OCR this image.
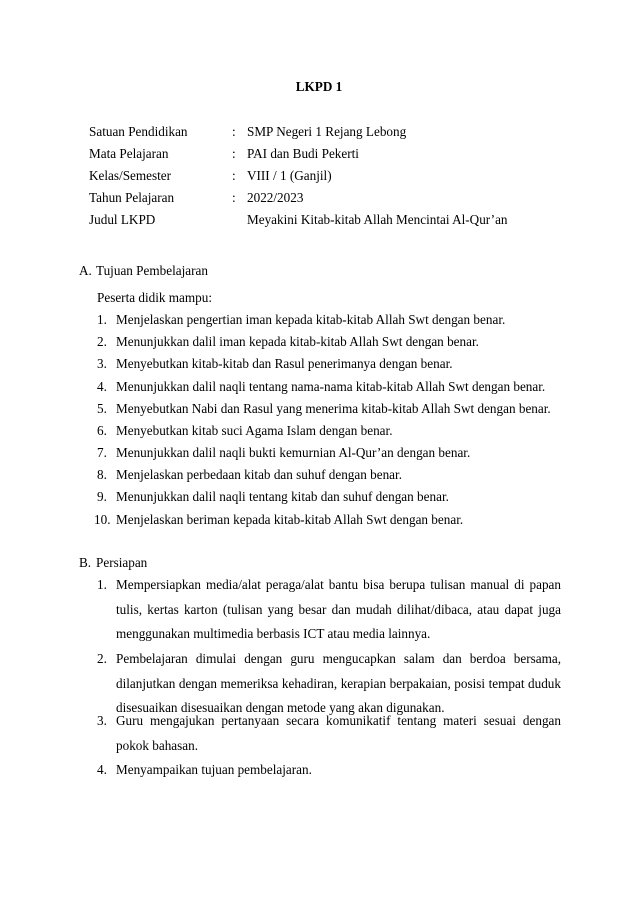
LKPD 1
Satuan Pendidikan	: SMP Negeri 1 Rejang Lebong
Mata Pelajaran	: PAI dan Budi Pekerti
Kelas/Semester	: VIII / 1 (Ganjil)
Tahun Pelajaran	: 2022/2023
Judul LKPD	Meyakini Kitab-kitab Allah Mencintai Al-Qur’an
A. Tujuan Pembelajaran
Peserta didik mampu:
1. Menjelaskan pengertian iman kepada kitab-kitab Allah Swt dengan benar.
2. Menunjukkan dalil iman kepada kitab-kitab Allah Swt dengan benar.
3. Menyebutkan kitab-kitab dan Rasul penerimanya dengan benar.
4. Menunjukkan dalil naqli tentang nama-nama kitab-kitab Allah Swt dengan benar.
5. Menyebutkan Nabi dan Rasul yang menerima kitab-kitab Allah Swt dengan benar.
6. Menyebutkan kitab suci Agama Islam dengan benar.
7. Menunjukkan dalil naqli bukti kemurnian Al-Qur’an dengan benar.
8. Menjelaskan perbedaan kitab dan suhuf dengan benar.
9. Menunjukkan dalil naqli tentang kitab dan suhuf dengan benar.
10. Menjelaskan beriman kepada kitab-kitab Allah Swt dengan benar.
B. Persiapan
1. Mempersiapkan media/alat peraga/alat bantu bisa berupa tulisan manual di papan tulis, kertas karton (tulisan yang besar dan mudah dilihat/dibaca, atau dapat juga menggunakan multimedia berbasis ICT atau media lainnya.
2. Pembelajaran dimulai dengan guru mengucapkan salam dan berdoa bersama, dilanjutkan dengan memeriksa kehadiran, kerapian berpakaian, posisi tempat duduk disesuaikan disesuaikan dengan metode yang akan digunakan.
3. Guru mengajukan pertanyaan secara komunikatif tentang materi sesuai dengan pokok bahasan.
4. Menyampaikan tujuan pembelajaran.
